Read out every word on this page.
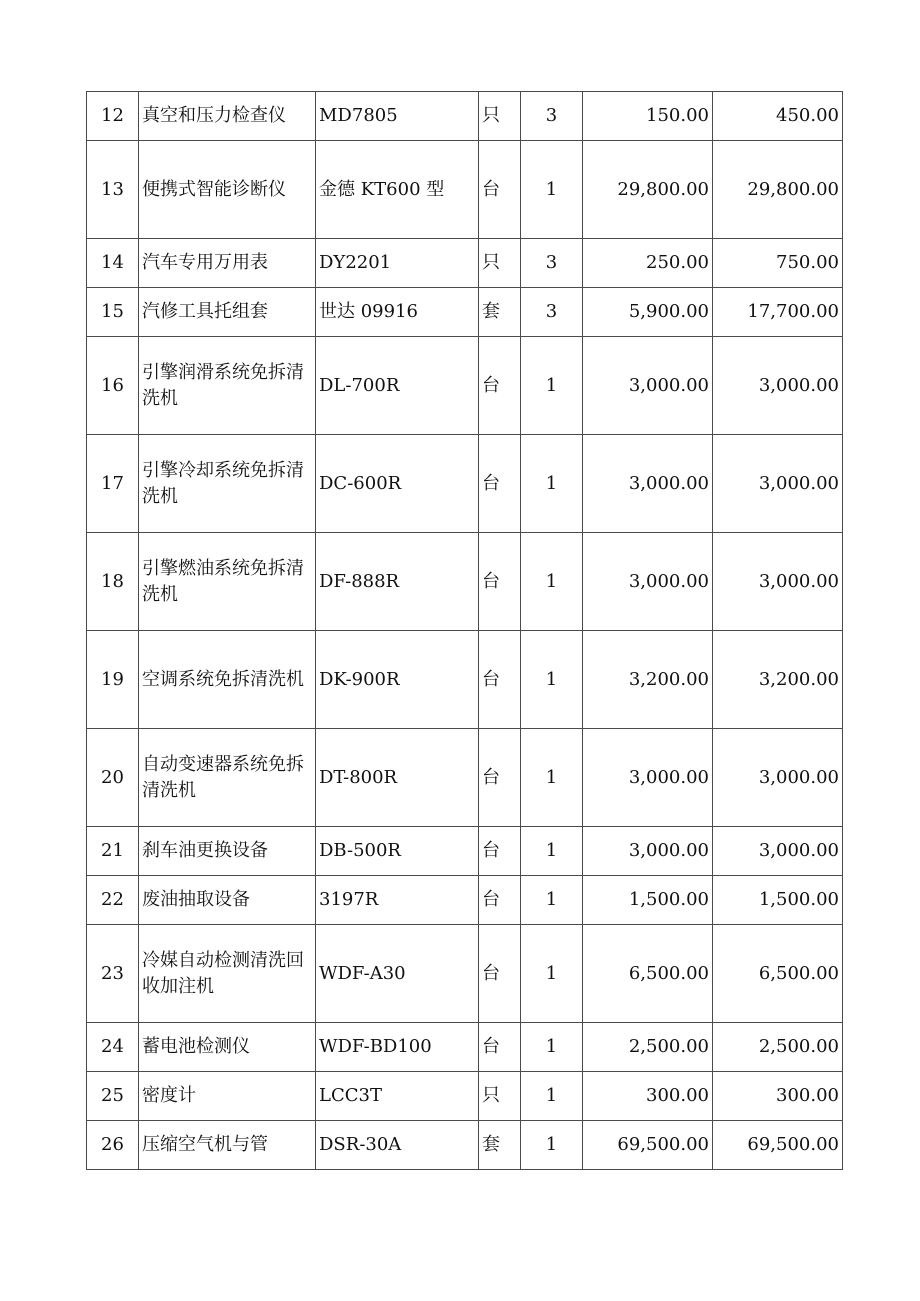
12	真空和压力检查仪	MD7805	只	3	150.00	450.00
13	便携式智能诊断仪	金德 KT600 型	台	1	29,800.00	29,800.00
14	汽车专用万用表	DY2201	只	3	250.00	750.00
15	汽修工具托组套	世达 09916	套	3	5,900.00	17,700.00
16	引擎润滑系统免拆清洗机	DL-700R	台	1	3,000.00	3,000.00
17	引擎冷却系统免拆清洗机	DC-600R	台	1	3,000.00	3,000.00
18	引擎燃油系统免拆清洗机	DF-888R	台	1	3,000.00	3,000.00
19	空调系统免拆清洗机	DK-900R	台	1	3,200.00	3,200.00
20	自动变速器系统免拆清洗机	DT-800R	台	1	3,000.00	3,000.00
21	刹车油更换设备	DB-500R	台	1	3,000.00	3,000.00
22	废油抽取设备	3197R	台	1	1,500.00	1,500.00
23	冷媒自动检测清洗回收加注机	WDF-A30	台	1	6,500.00	6,500.00
24	蓄电池检测仪	WDF-BD100	台	1	2,500.00	2,500.00
25	密度计	LCC3T	只	1	300.00	300.00
26	压缩空气机与管	DSR-30A	套	1	69,500.00	69,500.00
